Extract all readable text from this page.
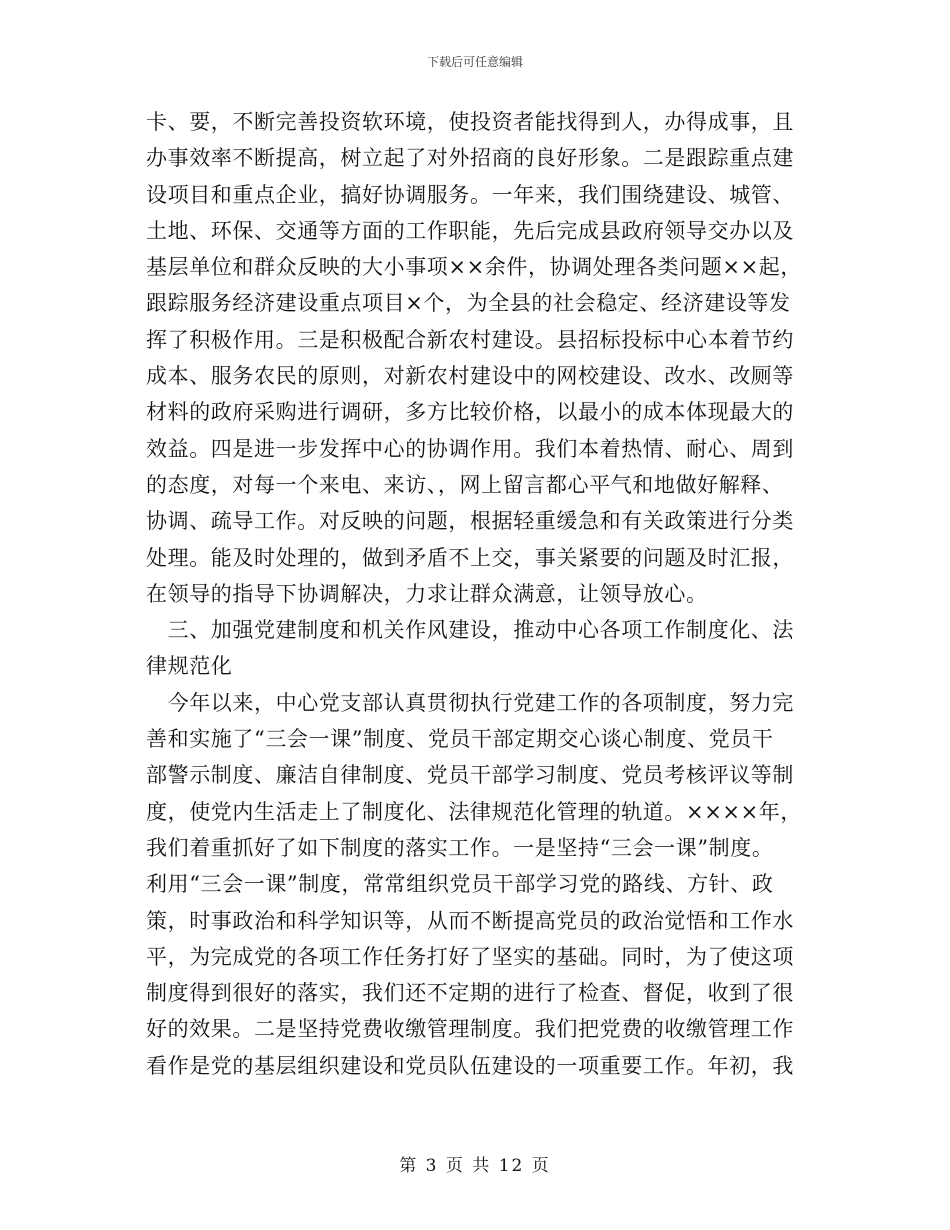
下载后可任意编辑
卡、要，不断完善投资软环境，使投资者能找得到人，办得成事，且
办事效率不断提高，树立起了对外招商的良好形象。二是跟踪重点建
设项目和重点企业，搞好协调服务。一年来，我们围绕建设、城管、
土地、环保、交通等方面的工作职能，先后完成县政府领导交办以及
基层单位和群众反映的大小事项××余件，协调处理各类问题××起，
跟踪服务经济建设重点项目×个，为全县的社会稳定、经济建设等发
挥了积极作用。三是积极配合新农村建设。县招标投标中心本着节约
成本、服务农民的原则，对新农村建设中的网校建设、改水、改厕等
材料的政府采购进行调研，多方比较价格，以最小的成本体现最大的
效益。四是进一步发挥中心的协调作用。我们本着热情、耐心、周到
的态度，对每一个来电、来访、，网上留言都心平气和地做好解释、
协调、疏导工作。对反映的问题，根据轻重缓急和有关政策进行分类
处理。能及时处理的，做到矛盾不上交，事关紧要的问题及时汇报，
在领导的指导下协调解决，力求让群众满意，让领导放心。
　三、加强党建制度和机关作风建设，推动中心各项工作制度化、法
律规范化
　今年以来，中心党支部认真贯彻执行党建工作的各项制度，努力完
善和实施了“三会一课”制度、党员干部定期交心谈心制度、党员干
部警示制度、廉洁自律制度、党员干部学习制度、党员考核评议等制
度，使党内生活走上了制度化、法律规范化管理的轨道。××××年，
我们着重抓好了如下制度的落实工作。一是坚持“三会一课”制度。
利用“三会一课”制度，常常组织党员干部学习党的路线、方针、政
策，时事政治和科学知识等，从而不断提高党员的政治觉悟和工作水
平，为完成党的各项工作任务打好了坚实的基础。同时，为了使这项
制度得到很好的落实，我们还不定期的进行了检查、督促，收到了很
好的效果。二是坚持党费收缴管理制度。我们把党费的收缴管理工作
看作是党的基层组织建设和党员队伍建设的一项重要工作。年初，我
第 3 页 共 12 页
